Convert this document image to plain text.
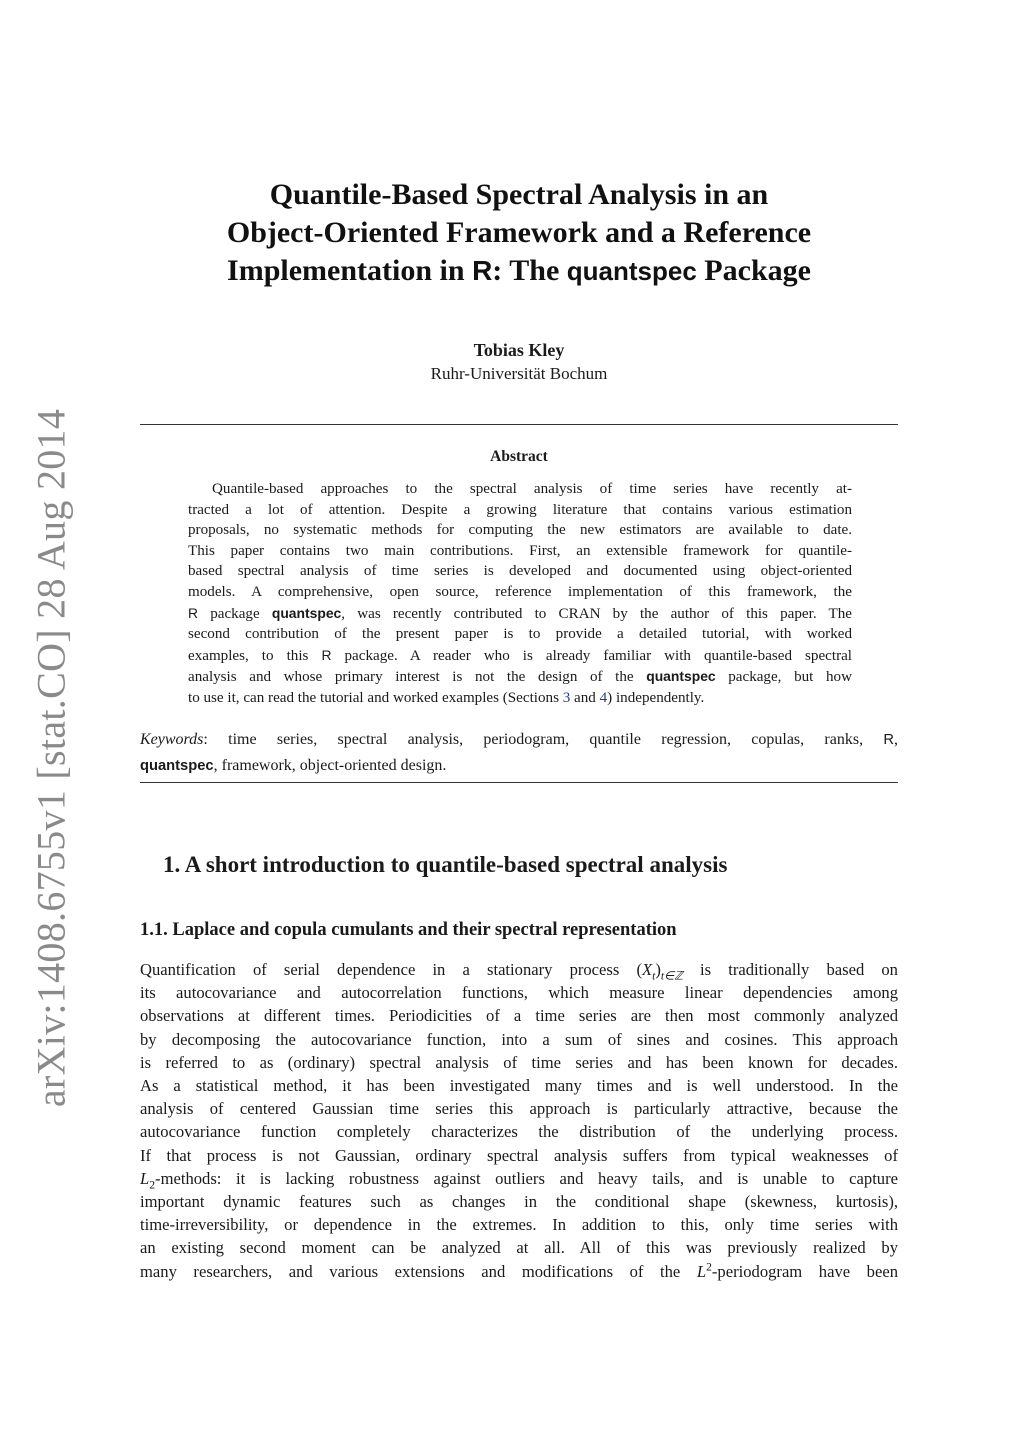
arXiv:1408.6755v1 [stat.CO] 28 Aug 2014
Quantile-Based Spectral Analysis in an
Object-Oriented Framework and a Reference
Implementation in R: The quantspec Package
Tobias Kley
Ruhr-Universität Bochum
Abstract
Quantile-based approaches to the spectral analysis of time series have recently at-
tracted a lot of attention. Despite a growing literature that contains various estimation
proposals, no systematic methods for computing the new estimators are available to date.
This paper contains two main contributions. First, an extensible framework for quantile-
based spectral analysis of time series is developed and documented using object-oriented
models. A comprehensive, open source, reference implementation of this framework, the
R package quantspec, was recently contributed to CRAN by the author of this paper. The
second contribution of the present paper is to provide a detailed tutorial, with worked
examples, to this R package. A reader who is already familiar with quantile-based spectral
analysis and whose primary interest is not the design of the quantspec package, but how
to use it, can read the tutorial and worked examples (Sections 3 and 4) independently.
Keywords: time series, spectral analysis, periodogram, quantile regression, copulas, ranks, R,
quantspec, framework, object-oriented design.
1. A short introduction to quantile-based spectral analysis
1.1. Laplace and copula cumulants and their spectral representation
Quantification of serial dependence in a stationary process $(X_t)_{t\in ℤ}$ is traditionally based on
its autocovariance and autocorrelation functions, which measure linear dependencies among
observations at different times. Periodicities of a time series are then most commonly analyzed
by decomposing the autocovariance function, into a sum of sines and cosines. This approach
is referred to as (ordinary) spectral analysis of time series and has been known for decades.
As a statistical method, it has been investigated many times and is well understood. In the
analysis of centered Gaussian time series this approach is particularly attractive, because the
autocovariance function completely characterizes the distribution of the underlying process.
If that process is not Gaussian, ordinary spectral analysis suffers from typical weaknesses of
$L_2$-methods: it is lacking robustness against outliers and heavy tails, and is unable to capture
important dynamic features such as changes in the conditional shape (skewness, kurtosis),
time-irreversibility, or dependence in the extremes. In addition to this, only time series with
an existing second moment can be analyzed at all. All of this was previously realized by
many researchers, and various extensions and modifications of the $L^2$-periodogram have been
